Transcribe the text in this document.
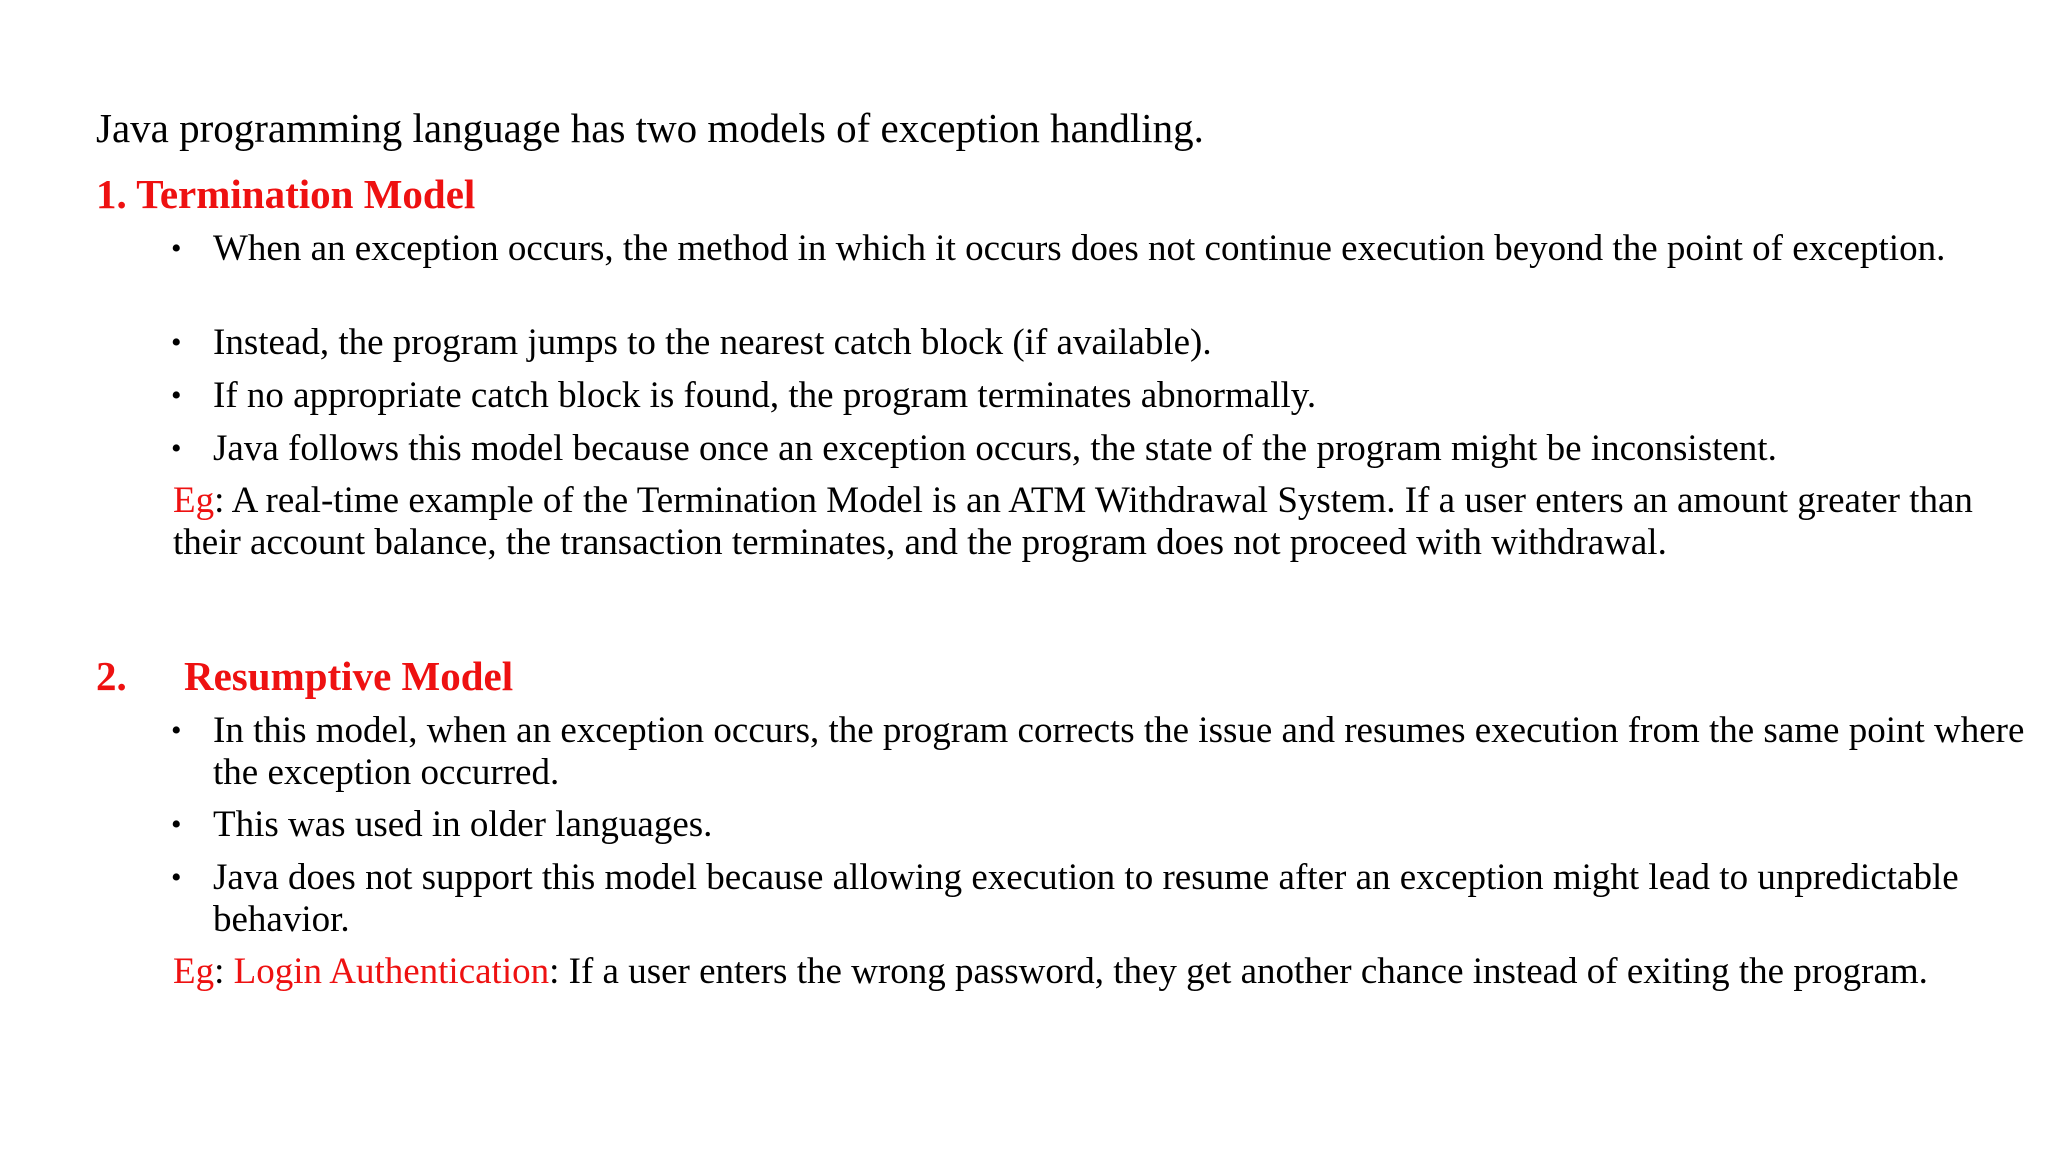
Java programming language has two models of exception handling.
1. Termination Model
• When an exception occurs, the method in which it occurs does not continue execution beyond the point of exception.
• Instead, the program jumps to the nearest catch block (if available).
• If no appropriate catch block is found, the program terminates abnormally.
• Java follows this model because once an exception occurs, the state of the program might be inconsistent.
Eg: A real-time example of the Termination Model is an ATM Withdrawal System. If a user enters an amount greater than their account balance, the transaction terminates, and the program does not proceed with withdrawal.
2. Resumptive Model
• In this model, when an exception occurs, the program corrects the issue and resumes execution from the same point where the exception occurred.
• This was used in older languages.
• Java does not support this model because allowing execution to resume after an exception might lead to unpredictable behavior.
Eg: Login Authentication: If a user enters the wrong password, they get another chance instead of exiting the program.
